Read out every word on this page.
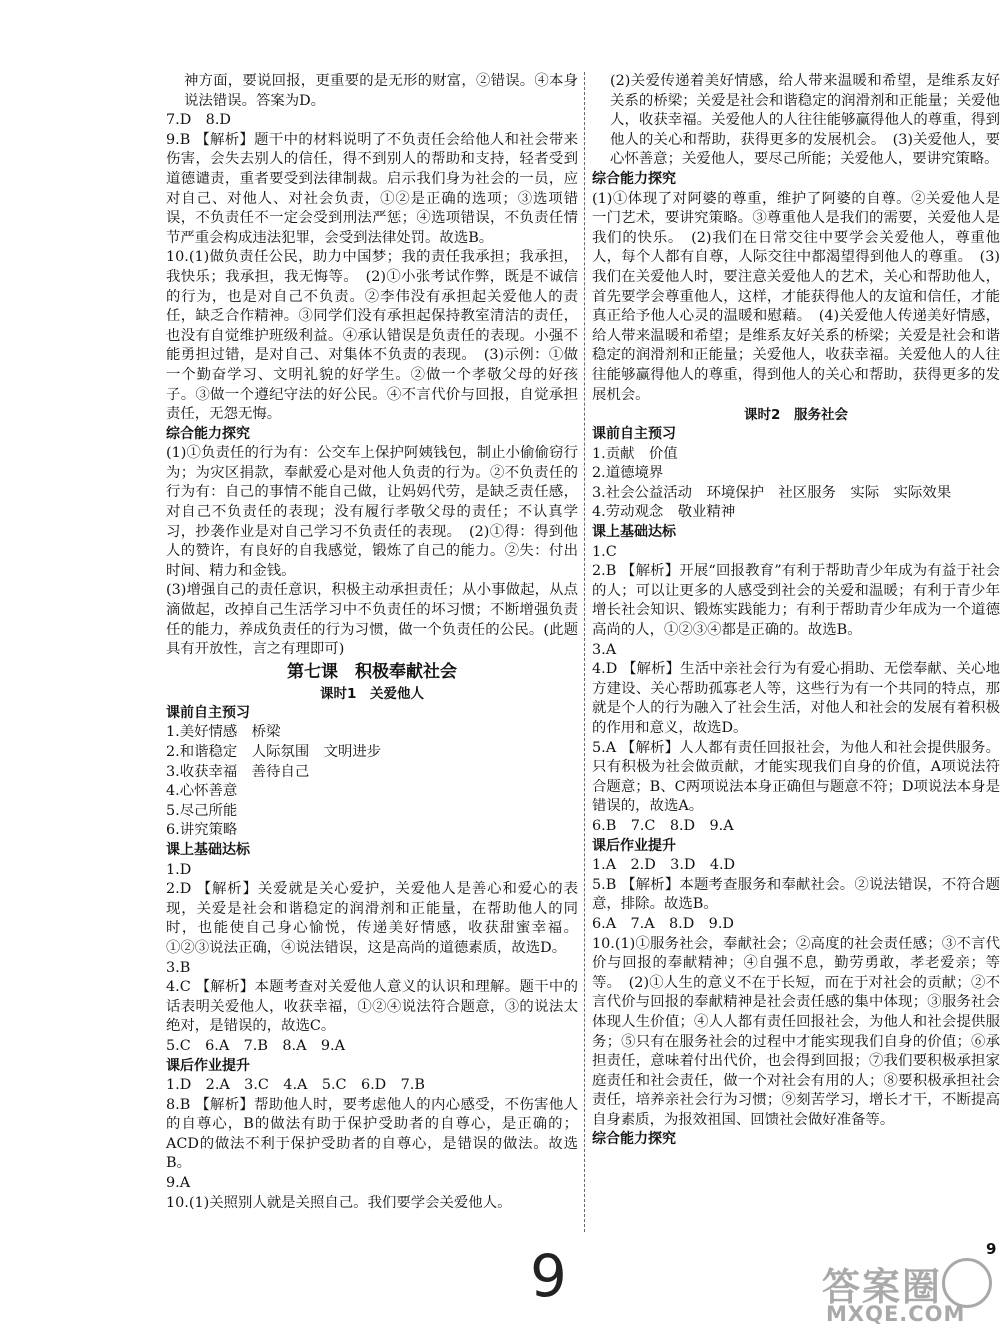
神方面，要说回报，更重要的是无形的财富，②错误。④本身说法错误。答案为D。

7.D　8.D

9.B 【解析】题干中的材料说明了不负责任会给他人和社会带来伤害，会失去别人的信任，得不到别人的帮助和支持，轻者受到道德谴责，重者要受到法律制裁。启示我们身为社会的一员，应对自己、对他人、对社会负责，①②是正确的选项；③选项错误，不负责任不一定会受到刑法严惩；④选项错误，不负责任情节严重会构成违法犯罪，会受到法律处罚。故选B。

10.(1)做负责任公民，助力中国梦；我的责任我承担；我承担，我快乐；我承担，我无悔等。　(2)①小张考试作弊，既是不诚信的行为，也是对自己不负责。②李伟没有承担起关爱他人的责任，缺乏合作精神。③同学们没有承担起保持教室清洁的责任，也没有自觉维护班级利益。④承认错误是负责任的表现。小强不能勇担过错，是对自己、对集体不负责的表现。　(3)示例：①做一个勤奋学习、文明礼貌的好学生。②做一个孝敬父母的好孩子。③做一个遵纪守法的好公民。④不言代价与回报，自觉承担责任，无怨无悔。

综合能力探究

(1)①负责任的行为有：公交车上保护阿姨钱包，制止小偷偷窃行为；为灾区捐款，奉献爱心是对他人负责的行为。②不负责任的行为有：自己的事情不能自己做，让妈妈代劳，是缺乏责任感，对自己不负责任的表现；没有履行孝敬父母的责任；不认真学习，抄袭作业是对自己学习不负责任的表现。　(2)①得：得到他人的赞许，有良好的自我感觉，锻炼了自己的能力。②失：付出时间、精力和金钱。

(3)增强自己的责任意识，积极主动承担责任；从小事做起，从点滴做起，改掉自己生活学习中不负责任的坏习惯；不断增强负责任的能力，养成负责任的行为习惯，做一个负责任的公民。(此题具有开放性，言之有理即可)

第七课　积极奉献社会

课时1　关爱他人

课前自主预习

1.美好情感　桥梁

2.和谐稳定　人际氛围　文明进步

3.收获幸福　善待自己

4.心怀善意

5.尽己所能

6.讲究策略

课上基础达标

1.D

2.D 【解析】关爱就是关心爱护，关爱他人是善心和爱心的表现，关爱是社会和谐稳定的润滑剂和正能量，在帮助他人的同时，也能使自己身心愉悦，传递美好情感，收获甜蜜幸福。①②③说法正确，④说法错误，这是高尚的道德素质，故选D。

3.B

4.C 【解析】本题考查对关爱他人意义的认识和理解。题干中的话表明关爱他人，收获幸福，①②④说法符合题意，③的说法太绝对，是错误的，故选C。

5.C　6.A　7.B　8.A　9.A

课后作业提升

1.D　2.A　3.C　4.A　5.C　6.D　7.B

8.B 【解析】帮助他人时，要考虑他人的内心感受，不伤害他人的自尊心，B的做法有助于保护受助者的自尊心，是正确的；ACD的做法不利于保护受助者的自尊心，是错误的做法。故选B。

9.A

10.(1)关照别人就是关照自己。我们要学会关爱他人。

(2)关爱传递着美好情感，给人带来温暖和希望，是维系友好关系的桥梁；关爱是社会和谐稳定的润滑剂和正能量；关爱他人，收获幸福。关爱他人的人往往能够赢得他人的尊重，得到他人的关心和帮助，获得更多的发展机会。　(3)关爱他人，要心怀善意；关爱他人，要尽己所能；关爱他人，要讲究策略。

综合能力探究

(1)①体现了对阿婆的尊重，维护了阿婆的自尊。②关爱他人是一门艺术，要讲究策略。③尊重他人是我们的需要，关爱他人是我们的快乐。　(2)我们在日常交往中要学会关爱他人，尊重他人，每个人都有自尊，人际交往中都渴望得到他人的尊重。　(3)我们在关爱他人时，要注意关爱他人的艺术，关心和帮助他人，首先要学会尊重他人，这样，才能获得他人的友谊和信任，才能真正给予他人心灵的温暖和慰藉。　(4)关爱他人传递美好情感，给人带来温暖和希望；是维系友好关系的桥梁；关爱是社会和谐稳定的润滑剂和正能量；关爱他人，收获幸福。关爱他人的人往往能够赢得他人的尊重，得到他人的关心和帮助，获得更多的发展机会。

课时2　服务社会

课前自主预习

1.贡献　价值

2.道德境界

3.社会公益活动　环境保护　社区服务　实际　实际效果

4.劳动观念　敬业精神

课上基础达标

1.C

2.B 【解析】开展“回报教育”有利于帮助青少年成为有益于社会的人；可以让更多的人感受到社会的关爱和温暖；有利于青少年增长社会知识、锻炼实践能力；有利于帮助青少年成为一个道德高尚的人，①②③④都是正确的。故选B。

3.A

4.D 【解析】生活中亲社会行为有爱心捐助、无偿奉献、关心地方建设、关心帮助孤寡老人等，这些行为有一个共同的特点，那就是个人的行为融入了社会生活，对他人和社会的发展有着积极的作用和意义，故选D。

5.A 【解析】人人都有责任回报社会，为他人和社会提供服务。只有积极为社会做贡献，才能实现我们自身的价值，A项说法符合题意；B、C两项说法本身正确但与题意不符；D项说法本身是错误的，故选A。

6.B　7.C　8.D　9.A

课后作业提升

1.A　2.D　3.D　4.D

5.B 【解析】本题考查服务和奉献社会。②说法错误，不符合题意，排除。故选B。

6.A　7.A　8.D　9.D

10.(1)①服务社会，奉献社会；②高度的社会责任感；③不言代价与回报的奉献精神；④自强不息，勤劳勇敢，孝老爱亲；等等。　(2)①人生的意义不在于长短，而在于对社会的贡献；②不言代价与回报的奉献精神是社会责任感的集中体现；③服务社会体现人生价值；④人人都有责任回报社会，为他人和社会提供服务；⑤只有在服务社会的过程中才能实现我们自身的价值；⑥承担责任，意味着付出代价，也会得到回报；⑦我们要积极承担家庭责任和社会责任，做一个对社会有用的人；⑧要积极承担社会责任，培养亲社会行为习惯；⑨刻苦学习，增长才干，不断提高自身素质，为报效祖国、回馈社会做好准备等。

综合能力探究

9	9
答案圈
MXQE.COM
